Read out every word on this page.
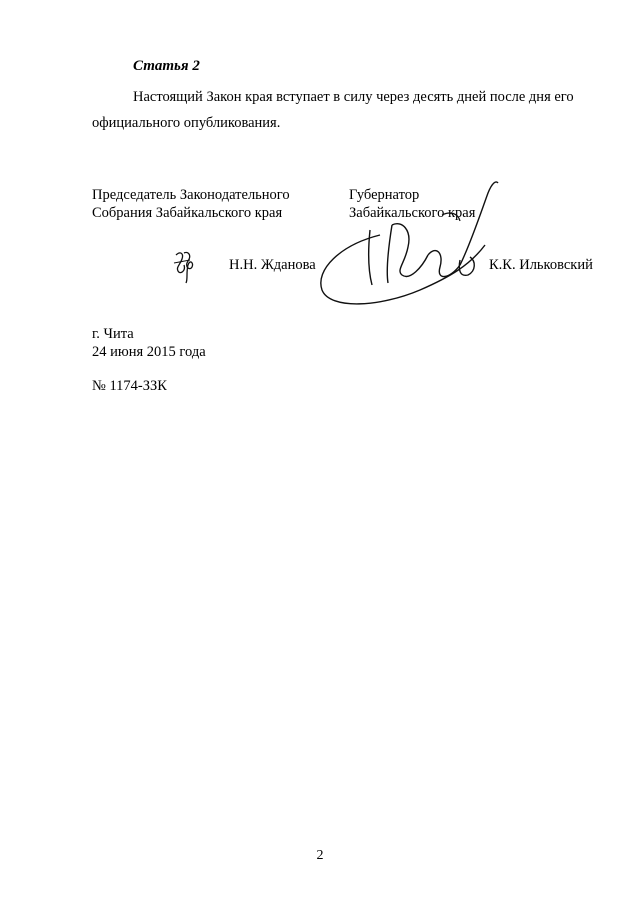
Статья 2

Настоящий Закон края вступает в силу через десять дней после дня его официального опубликования.

Председатель Законодательного
Собрания Забайкальского края
Губернатор
Забайкальского края
Н.Н. Жданова	К.К. Ильковский
г. Чита
24 июня 2015 года
№ 1174-ЗЗК
2
